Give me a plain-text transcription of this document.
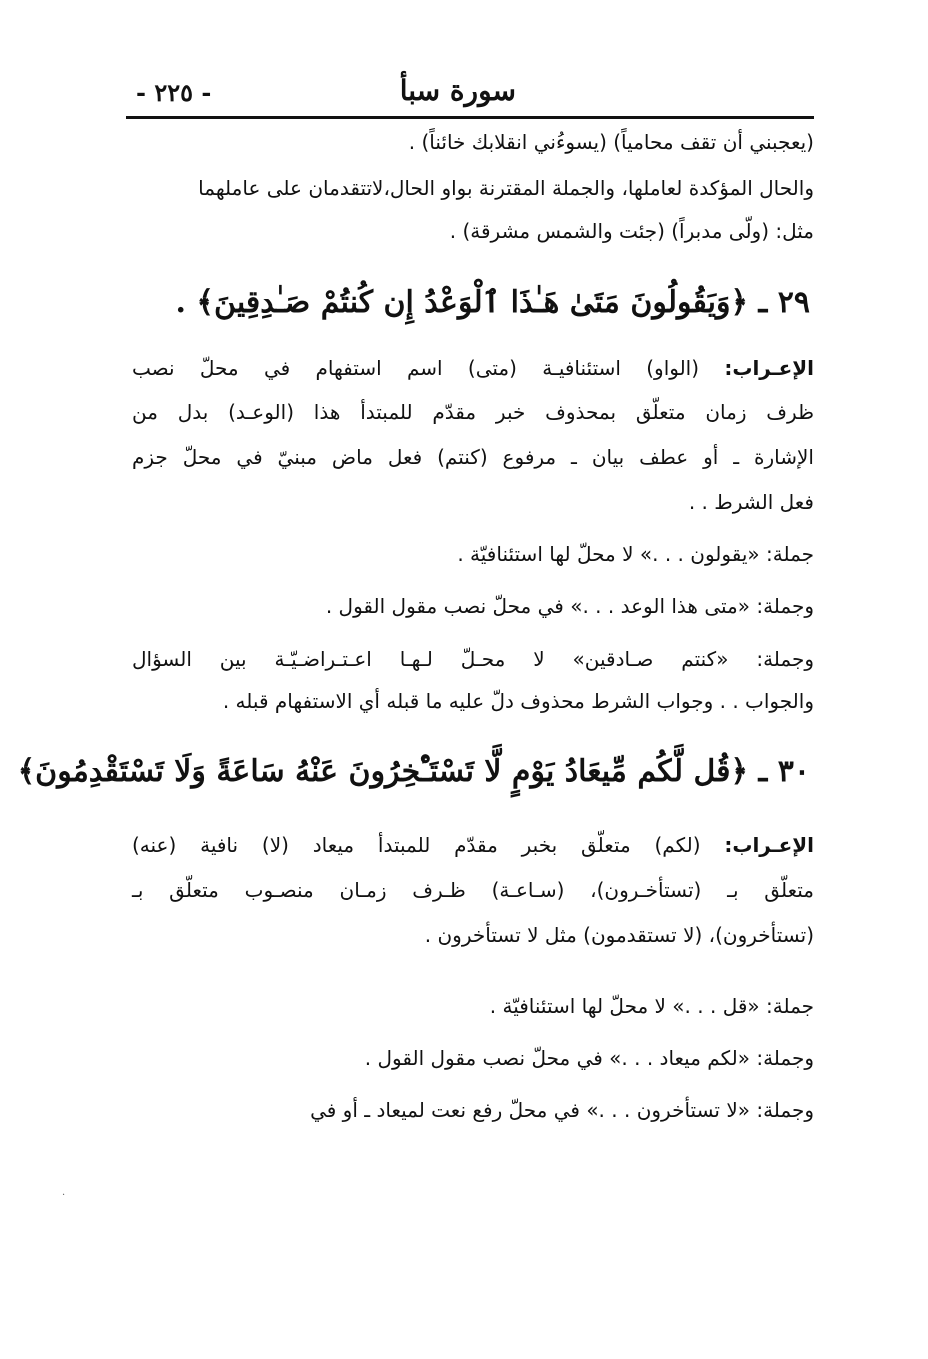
- ٢٢٥ -	سورة سبأ
(يعجبني أن تقف محامياً) (يسوءُني انقلابك خائناً) .
والحال المؤكدة لعاملها، والجملة المقترنة بواو الحال،لاتتقدمان على عاملهما
مثل: (ولّى مدبراً) (جئت والشمس مشرقة) .
٢٩ ـ ﴿وَيَقُولُونَ مَتَىٰ هَـٰذَا ٱلْوَعْدُ إِن كُنتُمْ صَـٰدِقِينَ﴾ .
الإعـراب: (الواو) استئنافيـة (متى) اسم استفهام في محلّ نصب
ظرف زمان متعلّق بمحذوف خبر مقدّم للمبتدأ هذا (الوعـد) بدل من
الإشارة ـ أو عطف بيان ـ مرفوع (كنتم) فعل ماض مبنيّ في محلّ جزم
فعل الشرط . .
جملة: «يقولون . . .» لا محلّ لها استئنافيّة .
وجملة: «متى هذا الوعد . . .» في محلّ نصب مقول القول .
وجملة: «كنتم صـادقين» لا محـلّ لـهـا اعـتـراضـيّـة بين السؤال
والجواب . . وجواب الشرط محذوف دلّ عليه ما قبله أي الاستفهام قبله .
٣٠ ـ ﴿قُل لَّكُم مِّيعَادُ يَوْمٍ لَّا تَسْتَـْٔخِرُونَ عَنْهُ سَاعَةً وَلَا تَسْتَقْدِمُونَ﴾
الإعـراب: (لكم) متعلّق بخبر مقدّم للمبتدأ ميعاد (لا) نافية (عنه)
متعلّق بـ (تستأخـرون)، (سـاعـة) ظـرف زمـان منصـوب متعلّق بـ
(تستأخرون)، (لا تستقدمون) مثل لا تستأخرون .
جملة: «قل . . .» لا محلّ لها استئنافيّة .
وجملة: «لكم ميعاد . . .» في محلّ نصب مقول القول .
وجملة: «لا تستأخرون . . .» في محلّ رفع نعت لميعاد ـ أو في
·
